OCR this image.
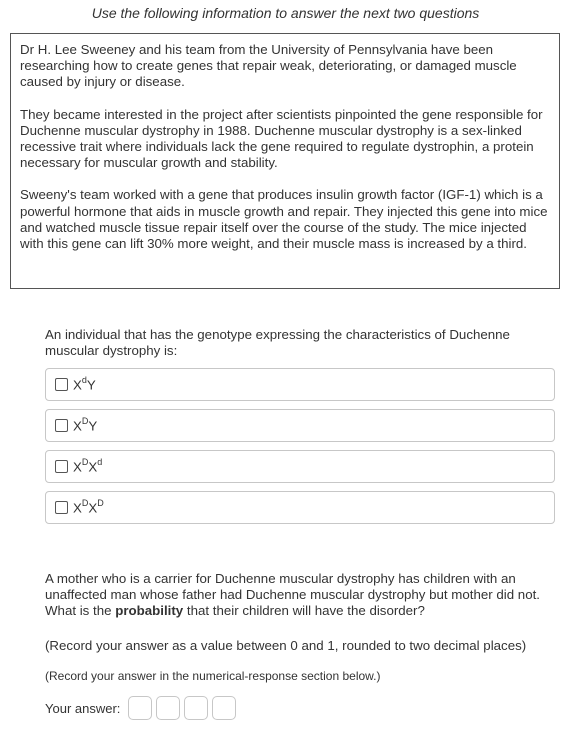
Use the following information to answer the next two questions

Dr H. Lee Sweeney and his team from the University of Pennsylvania have been researching how to create genes that repair weak, deteriorating, or damaged muscle caused by injury or disease.

They became interested in the project after scientists pinpointed the gene responsible for Duchenne muscular dystrophy in 1988. Duchenne muscular dystrophy is a sex-linked recessive trait where individuals lack the gene required to regulate dystrophin, a protein necessary for muscular growth and stability.

Sweeny's team worked with a gene that produces insulin growth factor (IGF-1) which is a powerful hormone that aids in muscle growth and repair. They injected this gene into mice and watched muscle tissue repair itself over the course of the study. The mice injected with this gene can lift 30% more weight, and their muscle mass is increased by a third.

An individual that has the genotype expressing the characteristics of Duchenne muscular dystrophy is:
$X^dY$
$X^DY$
$X^DX^d$
$X^DX^D$
A mother who is a carrier for Duchenne muscular dystrophy has children with an unaffected man whose father had Duchenne muscular dystrophy but mother did not. What is the probability that their children will have the disorder?
(Record your answer as a value between 0 and 1, rounded to two decimal places)
(Record your answer in the numerical-response section below.)
Your answer:
